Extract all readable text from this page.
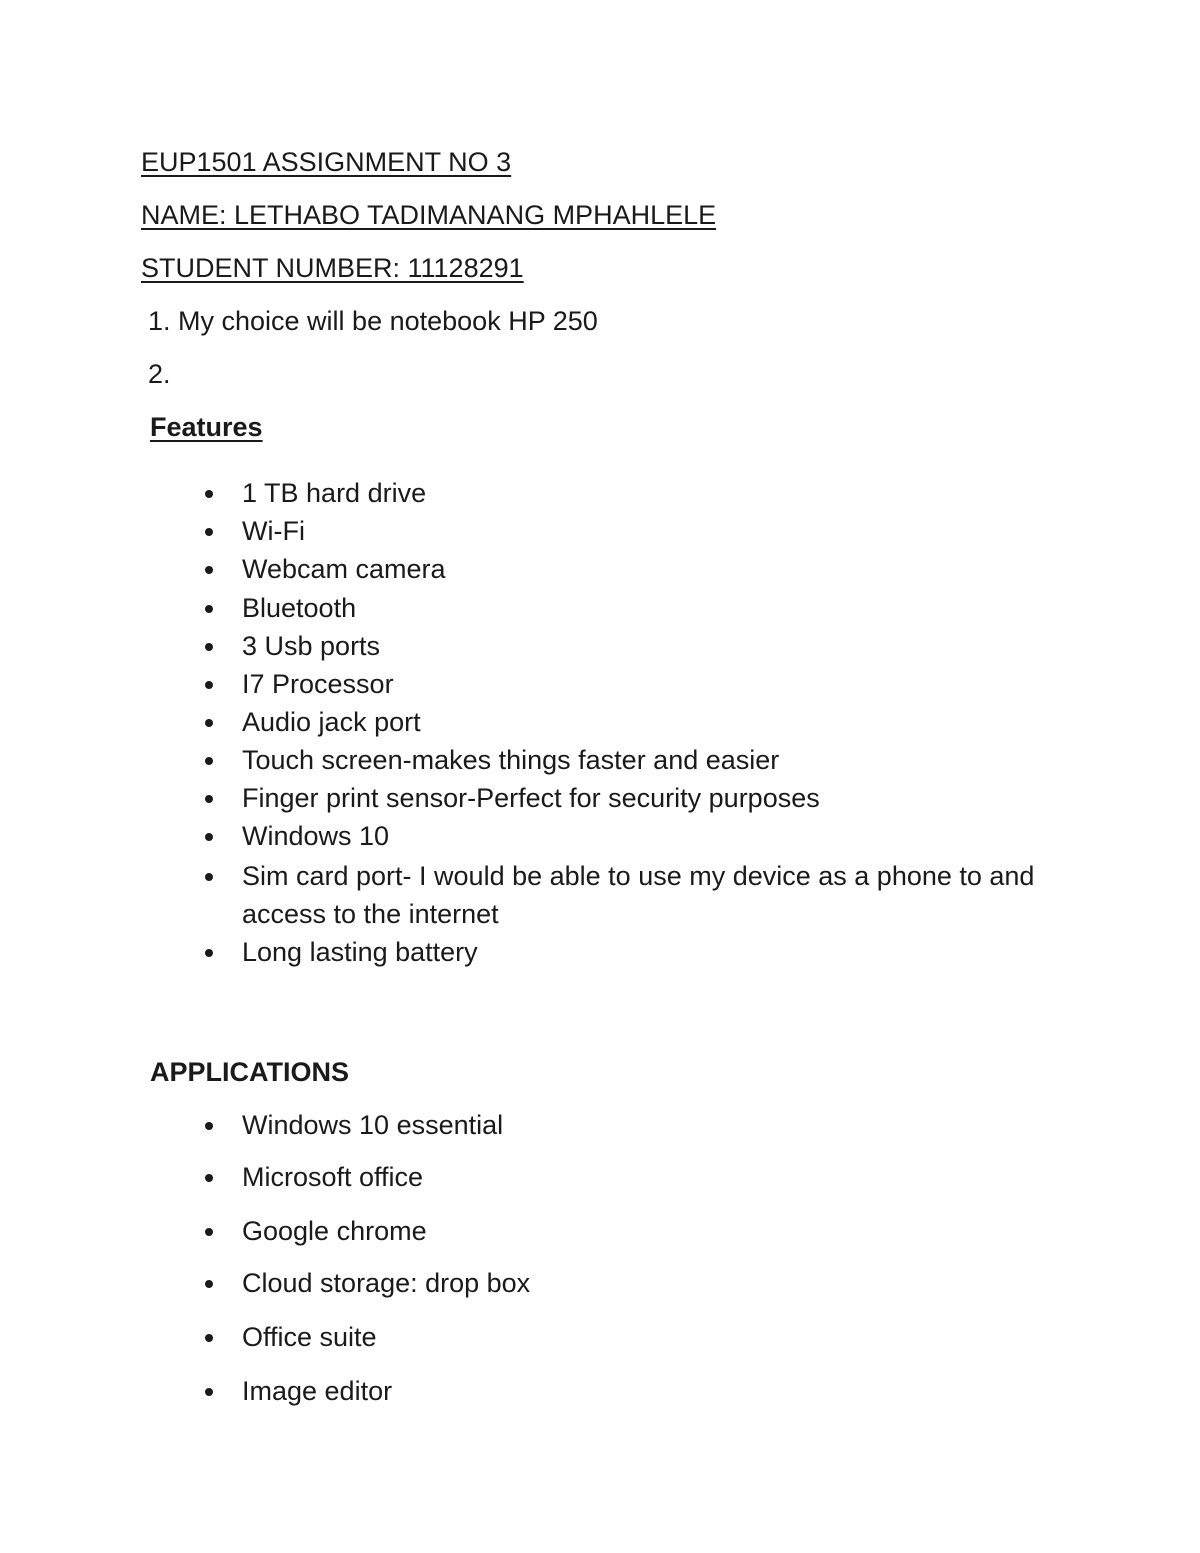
EUP1501 ASSIGNMENT NO 3
NAME: LETHABO TADIMANANG MPHAHLELE
STUDENT NUMBER: 11128291
1. My choice will be notebook HP 250
2.
Features
1 TB hard drive
Wi-Fi
Webcam camera
Bluetooth
3 Usb ports
I7 Processor
Audio jack port
Touch screen-makes things faster and easier
Finger print sensor-Perfect for security purposes
Windows 10
Sim card port- I would be able to use my device as a phone to and access to the internet
Long lasting battery
APPLICATIONS
Windows 10 essential
Microsoft office
Google chrome
Cloud storage: drop box
Office suite
Image editor
